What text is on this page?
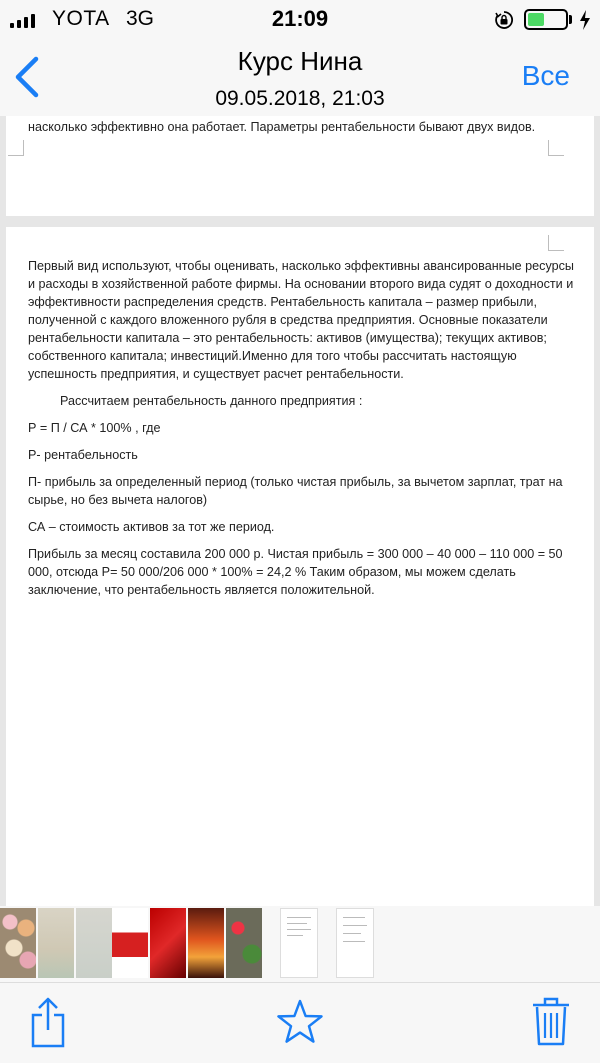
YOTA 3G	21:09
Курс Нина
09.05.2018, 21:03
Все
насколько эффективно она работает. Параметры рентабельности бывают двух видов.

Первый вид используют, чтобы оценивать, насколько эффективны авансированные ресурсы и расходы в хозяйственной работе фирмы. На основании второго вида судят о доходности и эффективности распределения средств. Рентабельность капитала – размер прибыли, полученной с каждого вложенного рубля в средства предприятия. Основные показатели рентабельности капитала – это рентабельность: активов (имущества); текущих активов; собственного капитала; инвестиций.Именно для того чтобы рассчитать настоящую успешность предприятия, и существует расчет рентабельности.

Рассчитаем рентабельность данного предприятия :

Р = П / СА * 100% , где

Р- рентабельность

П- прибыль за определенный период (только чистая прибыль, за вычетом зарплат, трат на сырье, но без вычета налогов)

СА – стоимость активов за тот же период.

Прибыль за месяц составила 200 000 р. Чистая прибыль = 300 000 – 40 000 – 110 000 = 50 000, отсюда Р= 50 000/206 000 * 100% = 24,2 % Таким образом, мы можем сделать заключение, что рентабельность является положительной.
